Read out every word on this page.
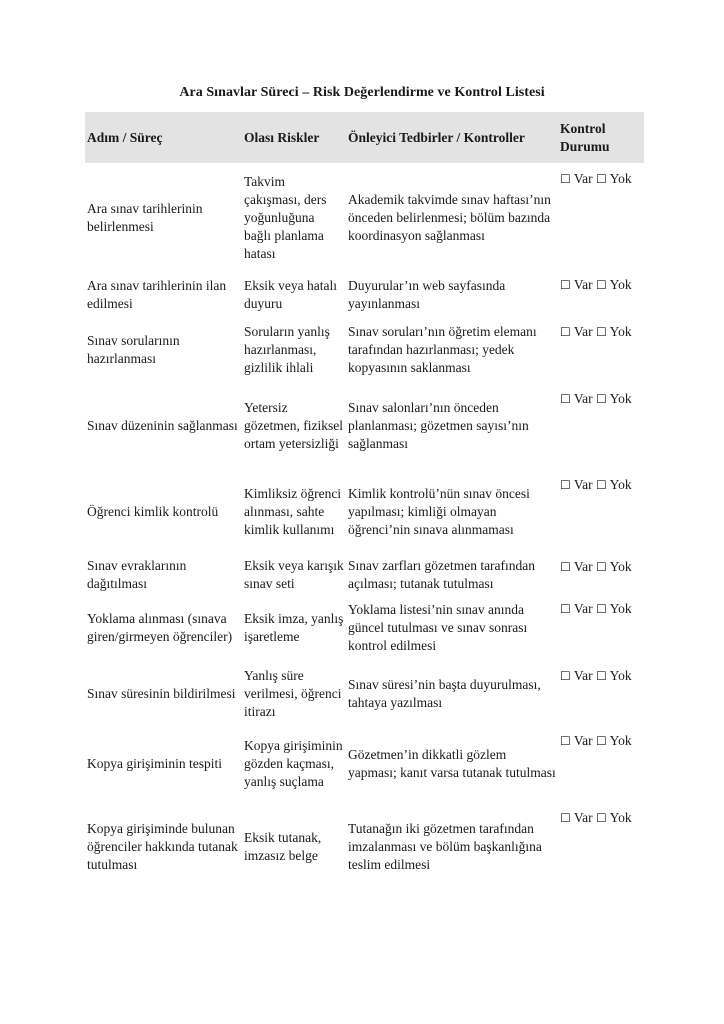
Ara Sınavlar Süreci – Risk Değerlendirme ve Kontrol Listesi
Adım / Süreç	Olası Riskler	Önleyici Tedbirler / Kontroller	Kontrol Durumu
Ara sınav tarihlerinin belirlenmesi	Takvim çakışması, ders yoğunluğuna bağlı planlama hatası	Akademik takvimde sınav haftası’nın önceden belirlenmesi; bölüm bazında koordinasyon sağlanması	☐ Var ☐ Yok
Ara sınav tarihlerinin ilan edilmesi	Eksik veya hatalı duyuru	Duyurular’ın web sayfasında yayınlanması	☐ Var ☐ Yok
Sınav sorularının hazırlanması	Soruların yanlış hazırlanması, gizlilik ihlali	Sınav soruları’nın öğretim elemanı tarafından hazırlanması; yedek kopyasının saklanması	☐ Var ☐ Yok
Sınav düzeninin sağlanması	Yetersiz gözetmen, fiziksel ortam yetersizliği	Sınav salonları’nın önceden planlanması; gözetmen sayısı’nın sağlanması	☐ Var ☐ Yok
Öğrenci kimlik kontrolü	Kimliksiz öğrenci alınması, sahte kimlik kullanımı	Kimlik kontrolü’nün sınav öncesi yapılması; kimliği olmayan öğrenci’nin sınava alınmaması	☐ Var ☐ Yok
Sınav evraklarının dağıtılması	Eksik veya karışık sınav seti	Sınav zarfları gözetmen tarafından açılması; tutanak tutulması	☐ Var ☐ Yok
Yoklama alınması (sınava giren/girmeyen öğrenciler)	Eksik imza, yanlış işaretleme	Yoklama listesi’nin sınav anında güncel tutulması ve sınav sonrası kontrol edilmesi	☐ Var ☐ Yok
Sınav süresinin bildirilmesi	Yanlış süre verilmesi, öğrenci itirazı	Sınav süresi’nin başta duyurulması, tahtaya yazılması	☐ Var ☐ Yok
Kopya girişiminin tespiti	Kopya girişiminin gözden kaçması, yanlış suçlama	Gözetmen’in dikkatli gözlem yapması; kanıt varsa tutanak tutulması	☐ Var ☐ Yok
Kopya girişiminde bulunan öğrenciler hakkında tutanak tutulması	Eksik tutanak, imzasız belge	Tutanağın iki gözetmen tarafından imzalanması ve bölüm başkanlığına teslim edilmesi	☐ Var ☐ Yok
